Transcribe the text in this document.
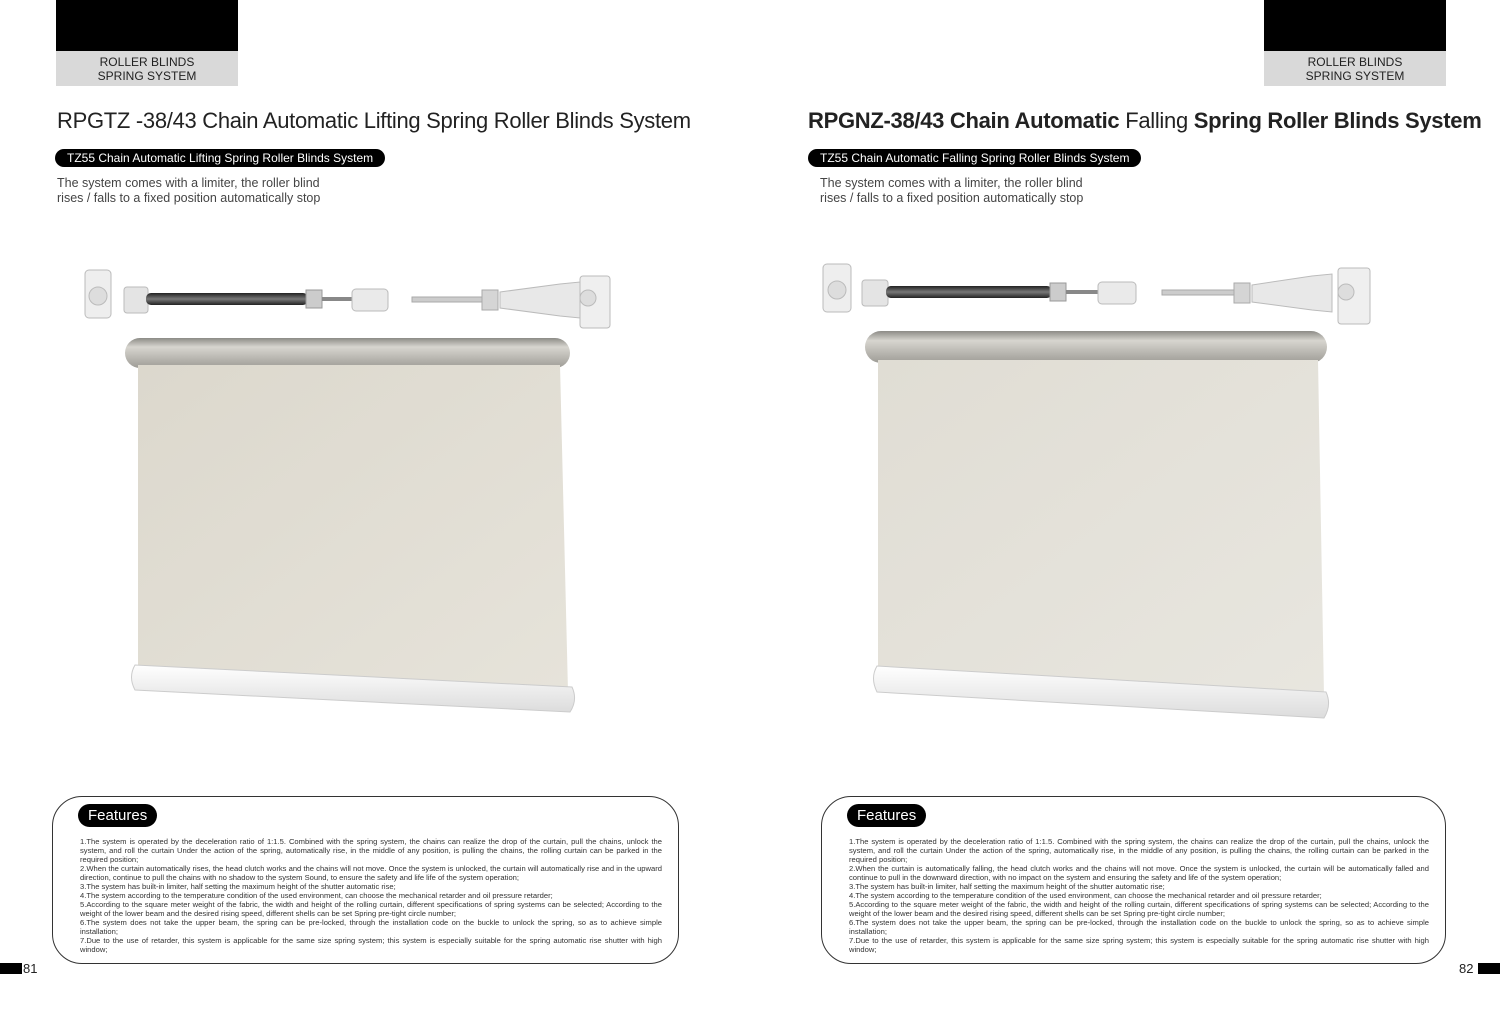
ROLLER BLINDS
SPRING SYSTEM
RPGTZ -38/43 Chain Automatic Lifting Spring Roller Blinds System
TZ55 Chain Automatic Lifting Spring Roller Blinds System
The system comes with a limiter, the roller blind
rises / falls to a fixed position automatically stop
Features

1.The system is operated by the deceleration ratio of 1:1.5. Combined with the spring system, the chains can realize the drop of the curtain, pull the chains, unlock the system, and roll the curtain Under the action of the spring, automatically rise, in the middle of any position, is pulling the chains, the rolling curtain can be parked in the required position;

2.When the curtain automatically rises, the head clutch works and the chains will not move. Once the system is unlocked, the curtain will automatically rise and in the upward direction, continue to pull the chains with no shadow to the system Sound, to ensure the safety and life life of the system operation;

3.The system has built-in limiter, half setting the maximum height of the shutter automatic rise;

4.The system according to the temperature condition of the used environment, can choose the mechanical retarder and oil pressure retarder;

5.According to the square meter weight of the fabric, the width and height of the rolling curtain, different specifications of spring systems can be selected; According to the weight of the lower beam and the desired rising speed, different shells can be set Spring pre-tight circle number;

6.The system does not take the upper beam, the spring can be pre-locked, through the installation code on the buckle to unlock the spring, so as to achieve simple installation;

7.Due to the use of retarder, this system is applicable for the same size spring system; this system is especially suitable for the spring automatic rise shutter with high window;

81
ROLLER BLINDS
SPRING SYSTEM
RPGNZ-38/43 Chain Automatic Falling Spring Roller Blinds System
TZ55 Chain Automatic Falling Spring Roller Blinds System
The system comes with a limiter, the roller blind
rises / falls to a fixed position automatically stop
Features

1.The system is operated by the deceleration ratio of 1:1.5. Combined with the spring system, the chains can realize the drop of the curtain, pull the chains, unlock the system, and roll the curtain Under the action of the spring, automatically rise, in the middle of any position, is pulling the chains, the rolling curtain can be parked in the required position;

2.When the curtain is automatically falling, the head clutch works and the chains will not move. Once the system is unlocked, the curtain will be automatically falled and continue to pull in the downward direction, with no impact on the system and ensuring the safety and life of the system operation;

3.The system has built-in limiter, half setting the maximum height of the shutter automatic rise;

4.The system according to the temperature condition of the used environment, can choose the mechanical retarder and oil pressure retarder;

5.According to the square meter weight of the fabric, the width and height of the rolling curtain, different specifications of spring systems can be selected; According to the weight of the lower beam and the desired rising speed, different shells can be set Spring pre-tight circle number;

6.The system does not take the upper beam, the spring can be pre-locked, through the installation code on the buckle to unlock the spring, so as to achieve simple installation;

7.Due to the use of retarder, this system is applicable for the same size spring system; this system is especially suitable for the spring automatic rise shutter with high window;

82
